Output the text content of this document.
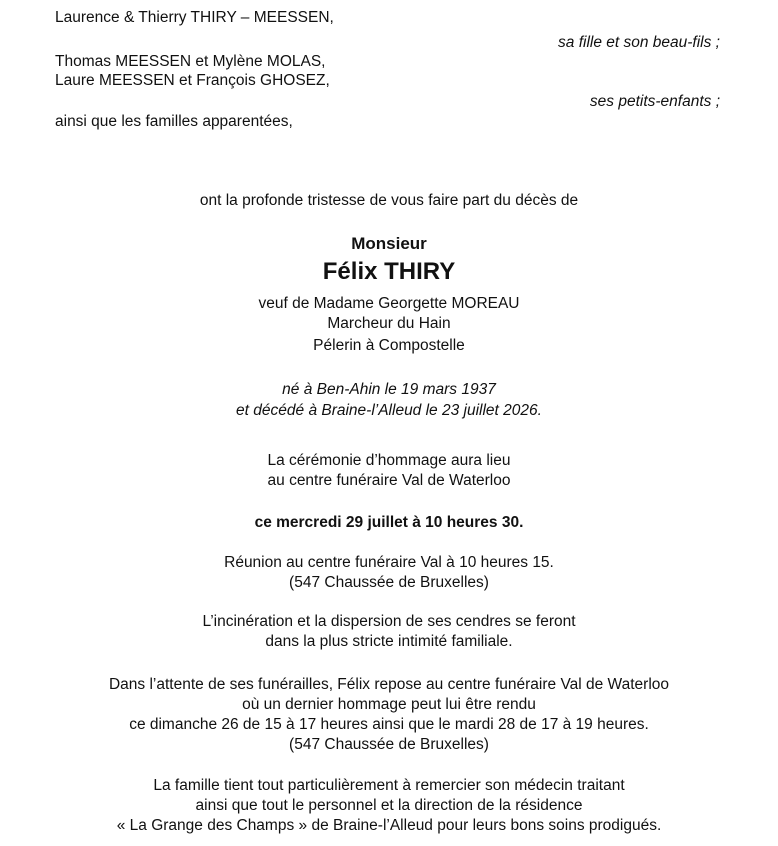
Laurence & Thierry THIRY – MEESSEN,
sa fille et son beau-fils ;
Thomas MEESSEN et Mylène MOLAS,
Laure MEESSEN et François GHOSEZ,
ses petits-enfants ;
ainsi que les familles apparentées,
ont la profonde tristesse de vous faire part du décès de
Monsieur
Félix THIRY
veuf de Madame Georgette MOREAU
Marcheur du Hain
Pélerin à Compostelle
né à Ben-Ahin le 19 mars 1937
et décédé à Braine-l’Alleud le 23 juillet 2026.
La cérémonie d’hommage aura lieu
au centre funéraire Val de Waterloo
ce mercredi 29 juillet à 10 heures 30.
Réunion au centre funéraire Val à 10 heures 15.
(547 Chaussée de Bruxelles)
L’incinération et la dispersion de ses cendres se feront
dans la plus stricte intimité familiale.
Dans l’attente de ses funérailles, Félix repose au centre funéraire Val de Waterloo
où un dernier hommage peut lui être rendu
ce dimanche 26 de 15 à 17 heures ainsi que le mardi 28 de 17 à 19 heures.
(547 Chaussée de Bruxelles)
La famille tient tout particulièrement à remercier son médecin traitant
ainsi que tout le personnel et la direction de la résidence
« La Grange des Champs » de Braine-l’Alleud pour leurs bons soins prodigués.
